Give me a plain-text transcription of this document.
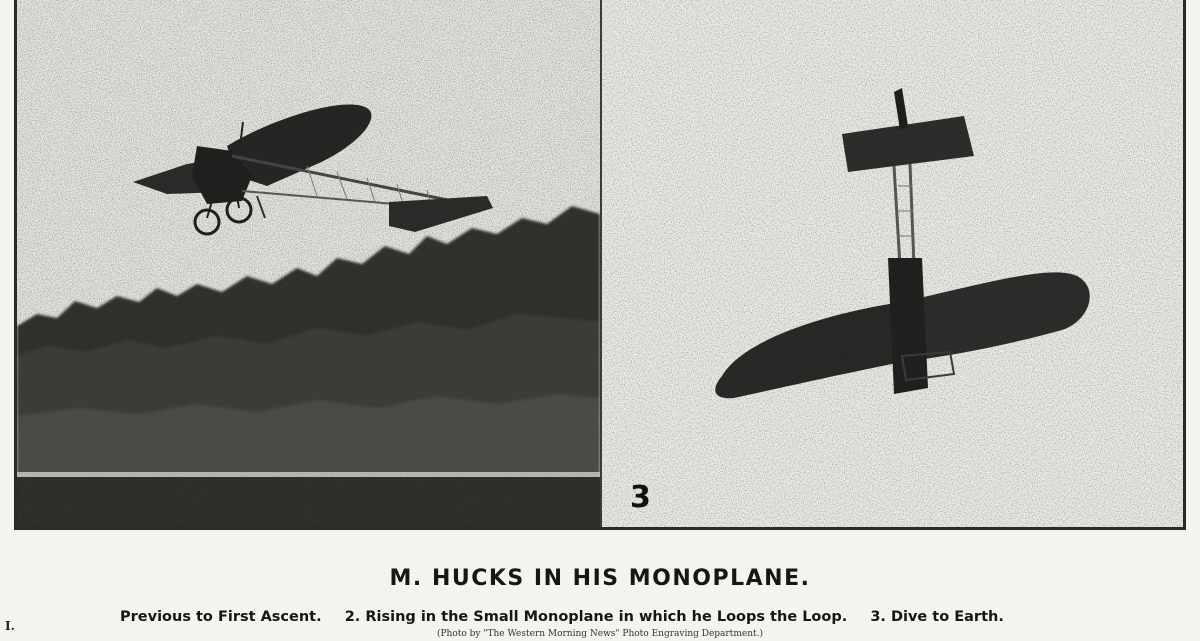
3
M. HUCKS IN HIS MONOPLANE.
I.
Previous to First Ascent. 2. Rising in the Small Monoplane in which he Loops the Loop. 3. Dive to Earth.
(Photo by "The Western Morning News" Photo Engraving Department.)
